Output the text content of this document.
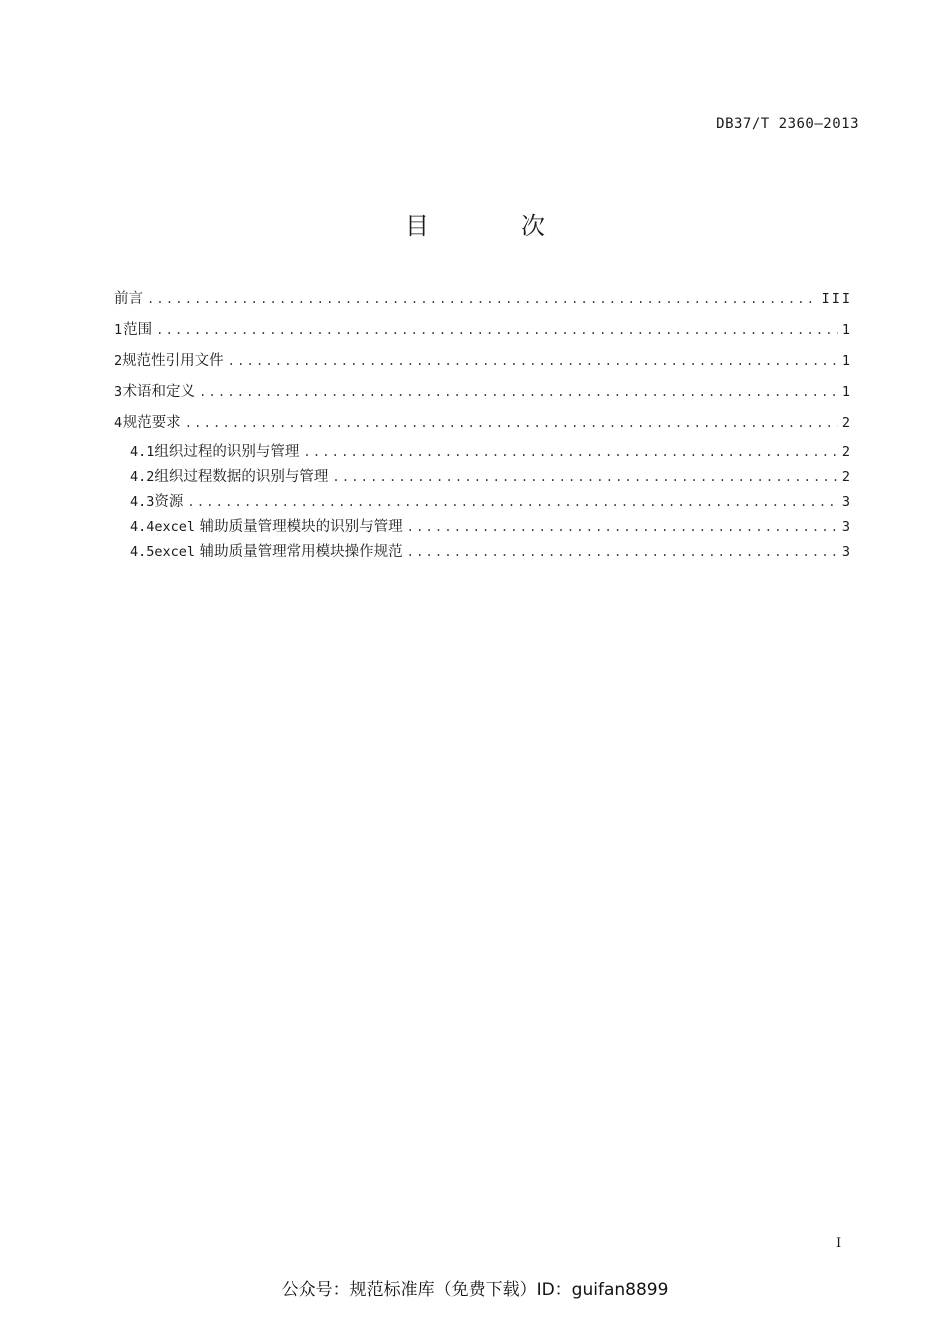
DB37/T 2360—2013
目	次
前言 .....	III
1 范围 .....	1
2 规范性引用文件 .....	1
3 术语和定义 .....	1
4 规范要求 .....	2
4.1 组织过程的识别与管理 .....	2
4.2 组织过程数据的识别与管理 .....	2
4.3 资源 .....	3
4.4 excel 辅助质量管理模块的识别与管理 .....	3
4.5 excel 辅助质量管理常用模块操作规范 .....	3
I
公众号：规范标准库（免费下载）ID：guifan8899
